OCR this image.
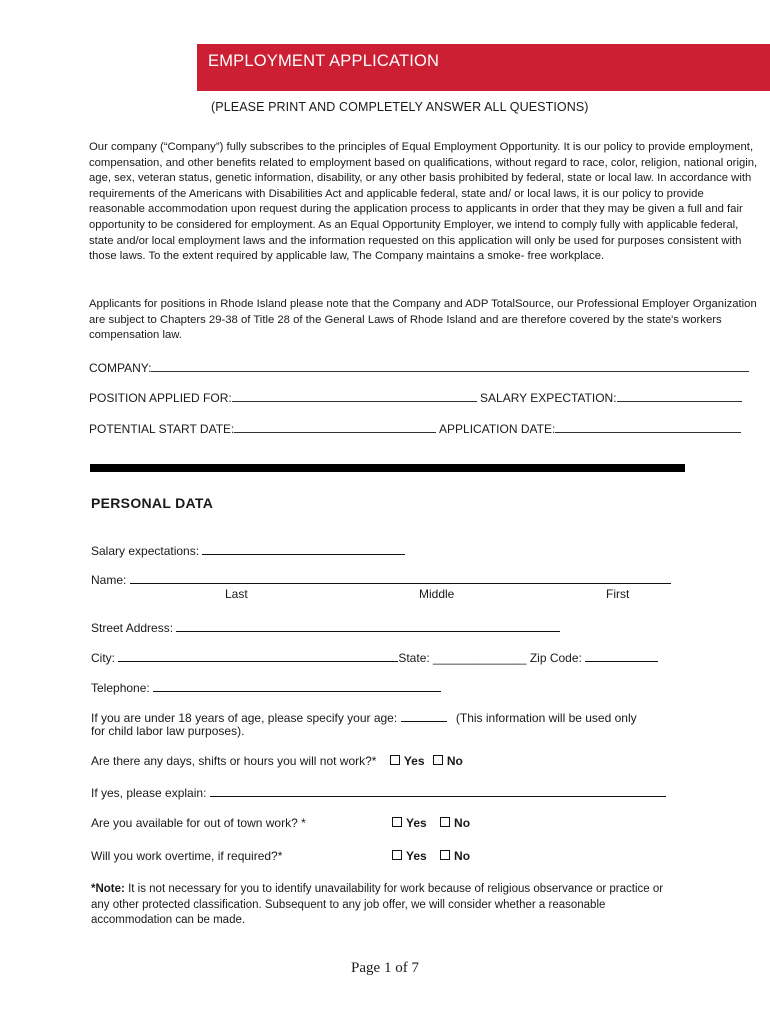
EMPLOYMENT APPLICATION
(PLEASE PRINT AND COMPLETELY ANSWER ALL QUESTIONS)

Our company (“Company”) fully subscribes to the principles of Equal Employment Opportunity. It is our policy to provide employment, compensation, and other benefits related to employment based on qualifications, without regard to race, color, religion, national origin, age, sex, veteran status, genetic information, disability, or any other basis prohibited by federal, state or local law. In accordance with requirements of the Americans with Disabilities Act and applicable federal, state and/ or local laws, it is our policy to provide reasonable accommodation upon request during the application process to applicants in order that they may be given a full and fair opportunity to be considered for employment. As an Equal Opportunity Employer, we intend to comply fully with applicable federal, state and/or local employment laws and the information requested on this application will only be used for purposes consistent with those laws. To the extent required by applicable law, The Company maintains a smoke- free workplace.

Applicants for positions in Rhode Island please note that the Company and ADP TotalSource, our Professional Employer Organization are subject to Chapters 29-38 of Title 28 of the General Laws of Rhode Island and are therefore covered by the state's workers compensation law.

COMPANY:
POSITION APPLIED FOR:	SALARY EXPECTATION:
POTENTIAL START DATE:	APPLICATION DATE:
PERSONAL DATA
Salary expectations:
Name:
Last	Middle	First
Street Address:
City:	State: ______________ Zip Code:
Telephone:
If you are under 18 years of age, please specify your age:	(This information will be used only
for child labor law purposes).
Are there any days, shifts or hours you will not work?* Yes No
If yes, please explain:
Are you available for out of town work? *	Yes No
Will you work overtime, if required?*	Yes No

*Note: It is not necessary for you to identify unavailability for work because of religious observance or practice or any other protected classification. Subsequent to any job offer, we will consider whether a reasonable accommodation can be made.

Page 1 of 7
